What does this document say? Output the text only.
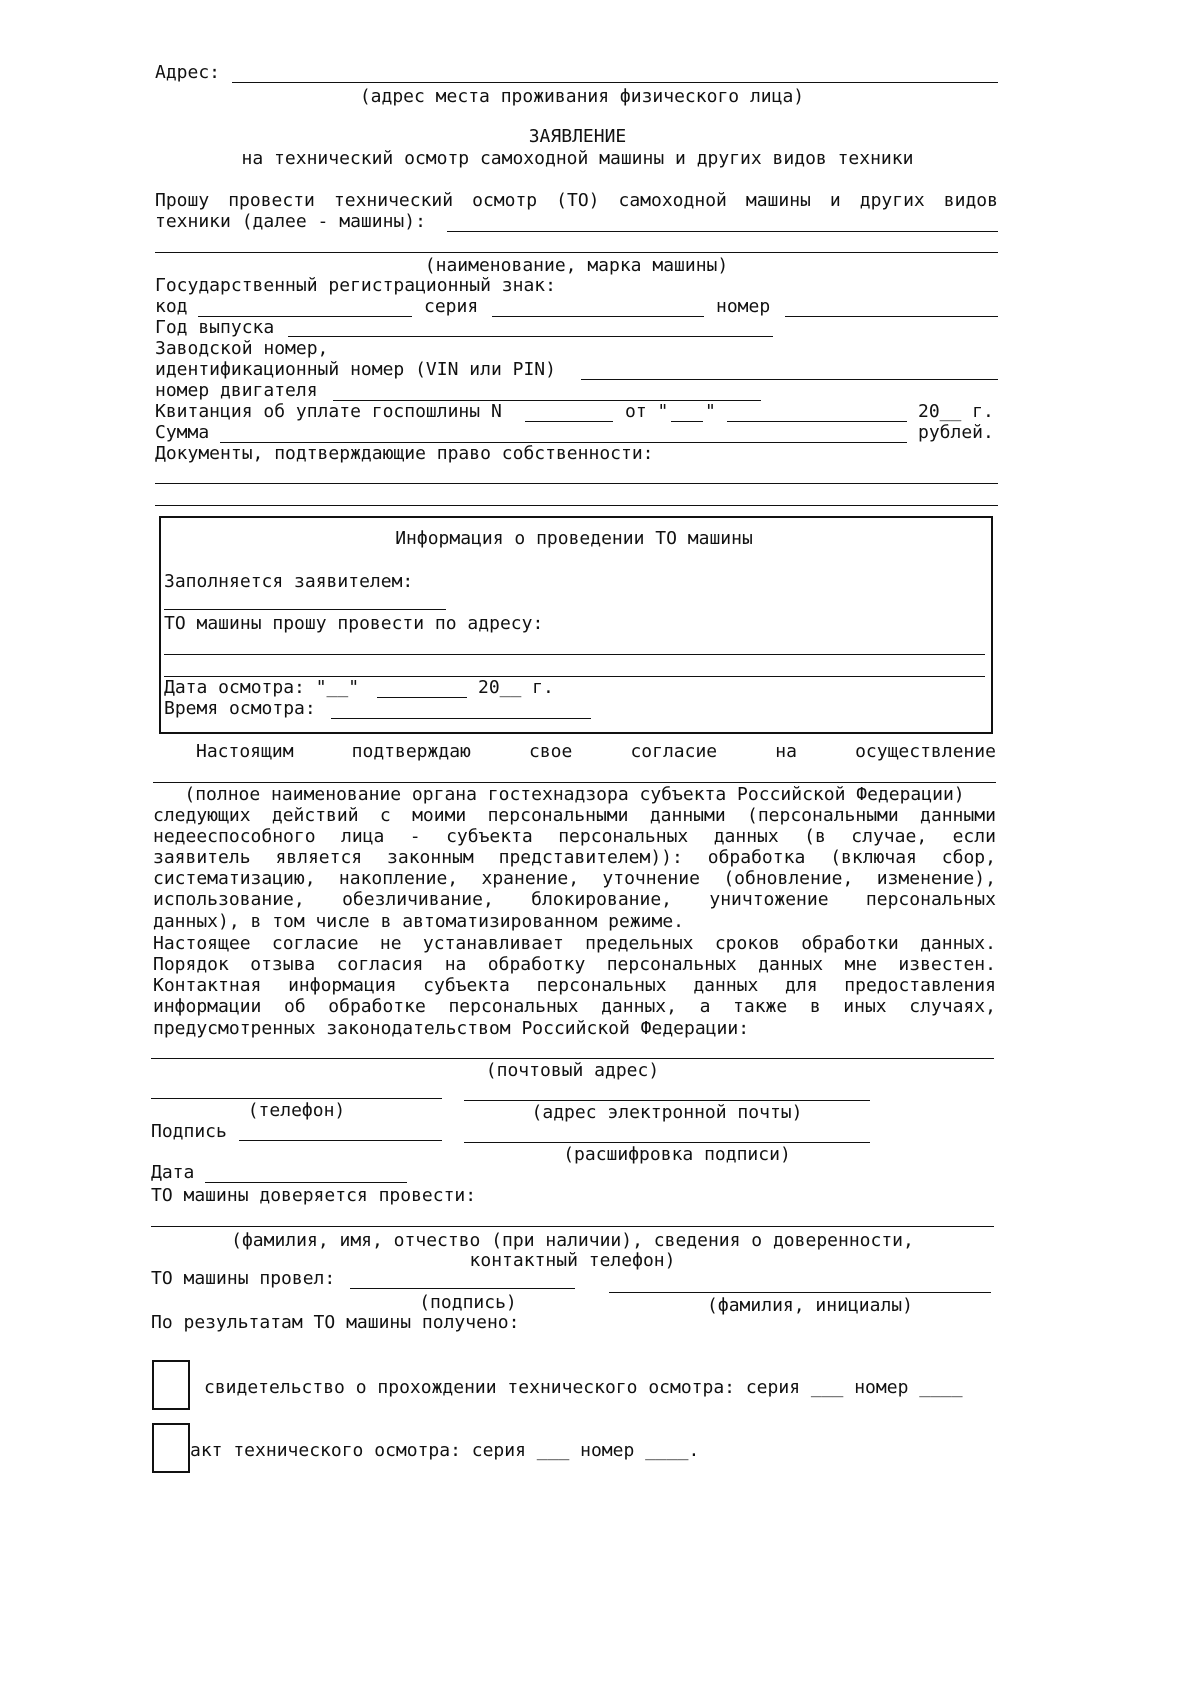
Адрес:
(адрес места проживания физического лица)
ЗАЯВЛЕНИЕ
на технический осмотр самоходной машины и других видов техники
Прошу провести технический осмотр (ТО) самоходной машины и других видов
техники (далее - машины):
(наименование, марка машины)
Государственный регистрационный знак:
код	серия	номер
Год выпуска
Заводской номер,
идентификационный номер (VIN или PIN)
номер двигателя
Квитанция об уплате госпошлины N	от " "	20__ г.
Сумма	рублей.
Документы, подтверждающие право собственности:
Информация о проведении ТО машины
Заполняется заявителем:
ТО машины прошу провести по адресу:
Дата осмотра: "__"	20__ г.
Время осмотра:
Настоящим	подтверждаю	свое	согласие	на	осуществление
(полное наименование органа гостехнадзора субъекта Российской Федерации)
следующих действий с моими персональными данными (персональными данными
недееспособного лица - субъекта персональных данных (в случае, если
заявитель является законным представителем)): обработка (включая сбор,
систематизацию, накопление, хранение, уточнение (обновление, изменение),
использование, обезличивание, блокирование, уничтожение персональных
данных), в том числе в автоматизированном режиме.
Настоящее согласие не устанавливает предельных сроков обработки данных.
Порядок отзыва согласия на обработку персональных данных мне известен.
Контактная информация субъекта персональных данных для предоставления
информации об обработке персональных данных, а также в иных случаях,
предусмотренных законодательством Российской Федерации:
(почтовый адрес)
(телефон)	(адрес электронной почты)
Подпись
(расшифровка подписи)
Дата
ТО машины доверяется провести:
(фамилия, имя, отчество (при наличии), сведения о доверенности,
контактный телефон)
ТО машины провел:
(подпись)	(фамилия, инициалы)
По результатам ТО машины получено:
свидетельство о прохождении технического осмотра: серия ___ номер ____
акт технического осмотра: серия ___ номер ____.
